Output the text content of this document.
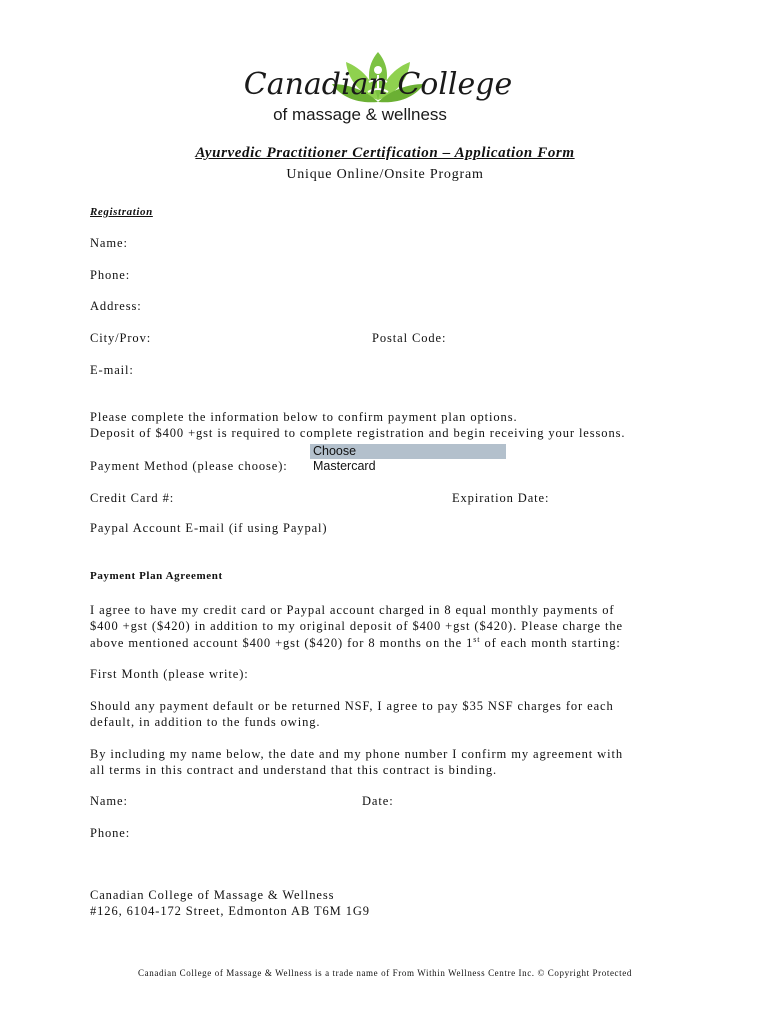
Canadian College
of massage & wellness
Ayurvedic Practitioner Certification – Application Form
Unique Online/Onsite Program
Registration
Name:
Phone:
Address:
City/Prov:	Postal Code:
E-mail:
Please complete the information below to confirm payment plan options.
Deposit of $400 +gst is required to complete registration and begin receiving your lessons.
Payment Method (please choose):
Choose
Mastercard
Credit Card #:	Expiration Date:
Paypal Account E-mail (if using Paypal)
Payment Plan Agreement
I agree to have my credit card or Paypal account charged in 8 equal monthly payments of
$400 +gst ($420) in addition to my original deposit of $400 +gst ($420). Please charge the
above mentioned account $400 +gst ($420) for 8 months on the 1st of each month starting:
First Month (please write):
Should any payment default or be returned NSF, I agree to pay $35 NSF charges for each
default, in addition to the funds owing.
By including my name below, the date and my phone number I confirm my agreement with
all terms in this contract and understand that this contract is binding.
Name:	Date:
Phone:
Canadian College of Massage & Wellness
#126, 6104-172 Street, Edmonton AB T6M 1G9
Canadian College of Massage & Wellness is a trade name of From Within Wellness Centre Inc. © Copyright Protected
